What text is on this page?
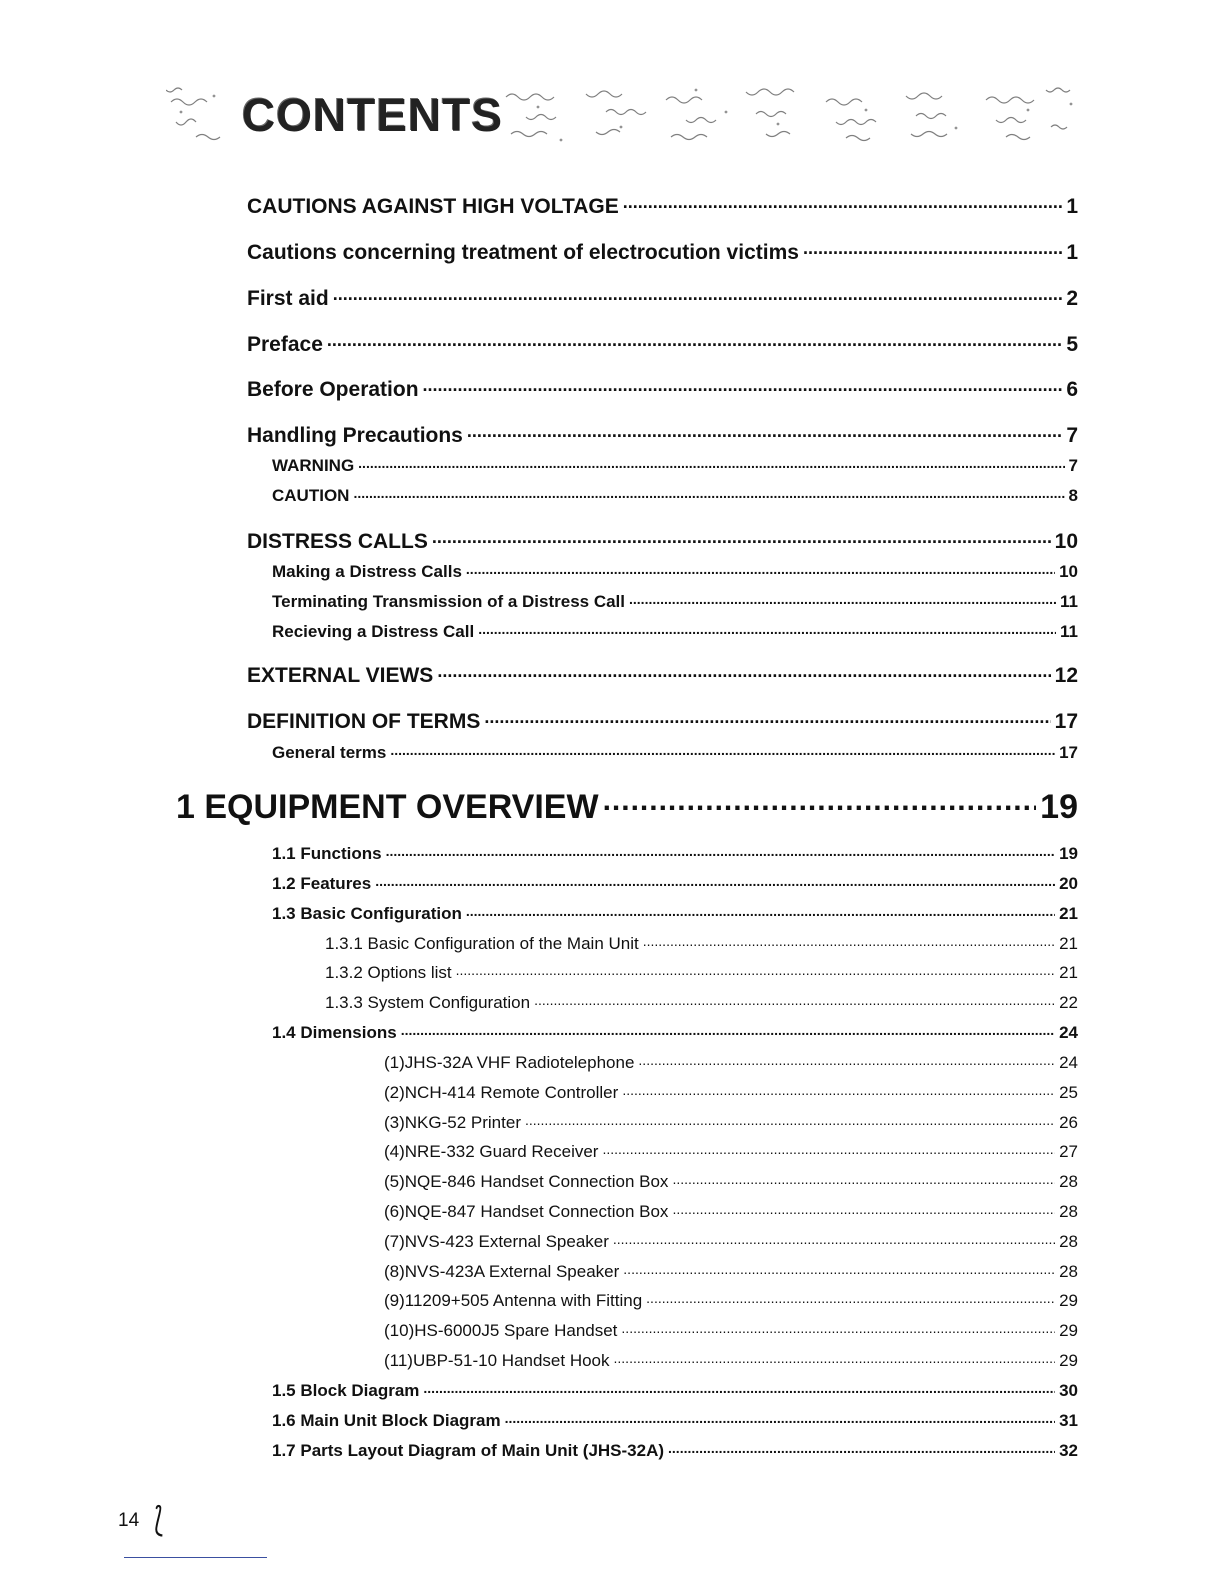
CONTENTS
CAUTIONS AGAINST HIGH VOLTAGE .....	1
Cautions concerning treatment of electrocution victims .....	1
First aid .....	2
Preface .....	5
Before Operation .....	6
Handling Precautions .....	7
WARNING .....	7
CAUTION .....	8
DISTRESS CALLS .....	10
Making a Distress Calls .....	10
Terminating Transmission of a Distress Call .....	11
Recieving a Distress Call .....	11
EXTERNAL VIEWS .....	12
DEFINITION OF TERMS .....	17
General terms .....	17
1 EQUIPMENT OVERVIEW .....	19
1.1 Functions .....	19
1.2 Features .....	20
1.3 Basic Configuration .....	21
1.3.1 Basic Configuration of the Main Unit .....	21
1.3.2 Options list .....	21
1.3.3 System Configuration .....	22
1.4 Dimensions .....	24
(1)JHS-32A VHF Radiotelephone .....	24
(2)NCH-414 Remote Controller .....	25
(3)NKG-52 Printer .....	26
(4)NRE-332 Guard Receiver .....	27
(5)NQE-846 Handset Connection Box .....	28
(6)NQE-847 Handset Connection Box .....	28
(7)NVS-423 External Speaker .....	28
(8)NVS-423A External Speaker .....	28
(9)11209+505 Antenna with Fitting .....	29
(10)HS-6000J5 Spare Handset .....	29
(11)UBP-51-10 Handset Hook .....	29
1.5 Block Diagram .....	30
1.6 Main Unit Block Diagram .....	31
1.7 Parts Layout Diagram of Main Unit (JHS-32A) .....	32
14 ⟅
